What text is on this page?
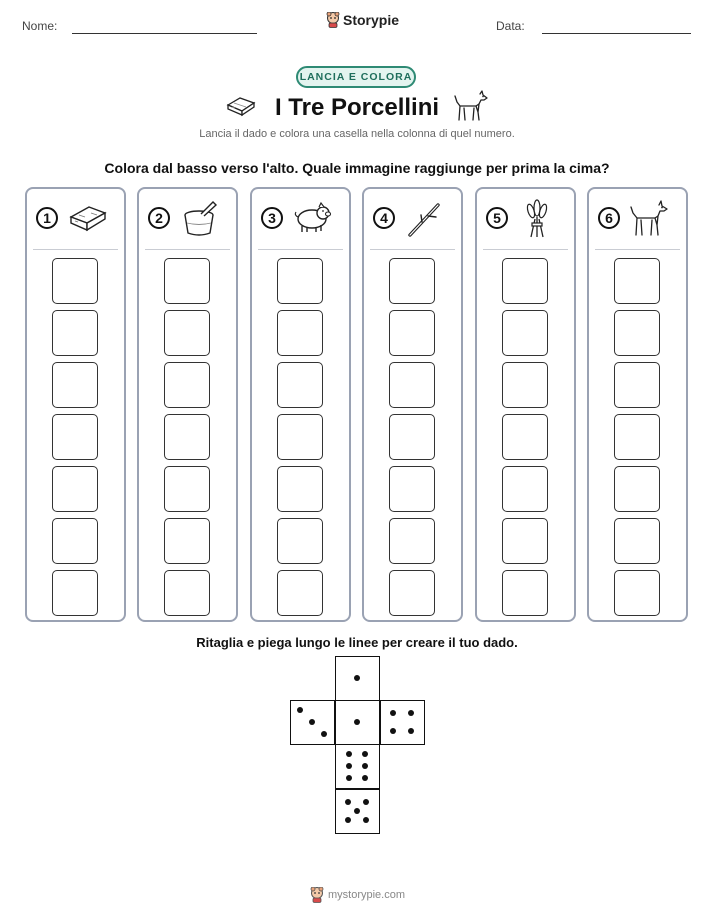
Nome:	Storypie	Data:
LANCIA E COLORA
I Tre Porcellini
Lancia il dado e colora una casella nella colonna di quel numero.
Colora dal basso verso l'alto. Quale immagine raggiunge per prima la cima?
1	2	3	4	5	6
Ritaglia e piega lungo le linee per creare il tuo dado.
mystorypie.com
